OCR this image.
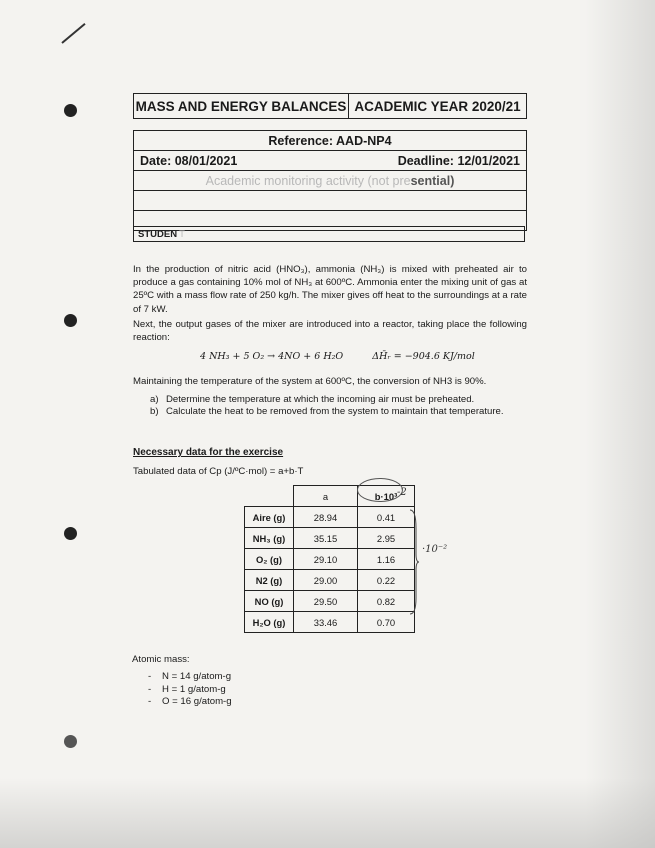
MASS AND ENERGY BALANCES ACADEMIC YEAR 2020/21
Reference: AAD-NP4
Date: 08/01/2021	Deadline: 12/01/2021
Academic monitoring activity (not pre sential)
STUDEN T

In the production of nitric acid (HNO₃), ammonia (NH₃) is mixed with preheated air to produce a gas containing 10% mol of NH₃ at 600ºC. Ammonia enter the mixing unit of gas at 25ºC with a mass flow rate of 250 kg/h. The mixer gives off heat to the surroundings at a rate of 7 kW.

Next, the output gases of the mixer are introduced into a reactor, taking place the following reaction:

4 NH₃ + 5 O₂ → 4NO + 6 H₂O	ΔH̄ᵣ = −904.6 KJ/mol

Maintaining the temperature of the system at 600ºC, the conversion of NH3 is 90%.

a) Determine the temperature at which the incoming air must be preheated.
b) Calculate the heat to be removed from the system to maintain that temperature.
Necessary data for the exercise
Tabulated data of Cp (J/ºC·mol) = a+b·T
	a	b·10³
Aire (g)	28.94	0.41
NH₃ (g)	35.15	2.95
O₂ (g)	29.10	1.16
N2 (g)	29.00	0.22
NO (g)	29.50	0.82
H₂O (g)	33.46	0.70
-2
·10⁻²
Atomic mass:
-	N = 14 g/atom-g
-	H = 1 g/atom-g
-	O = 16 g/atom-g
